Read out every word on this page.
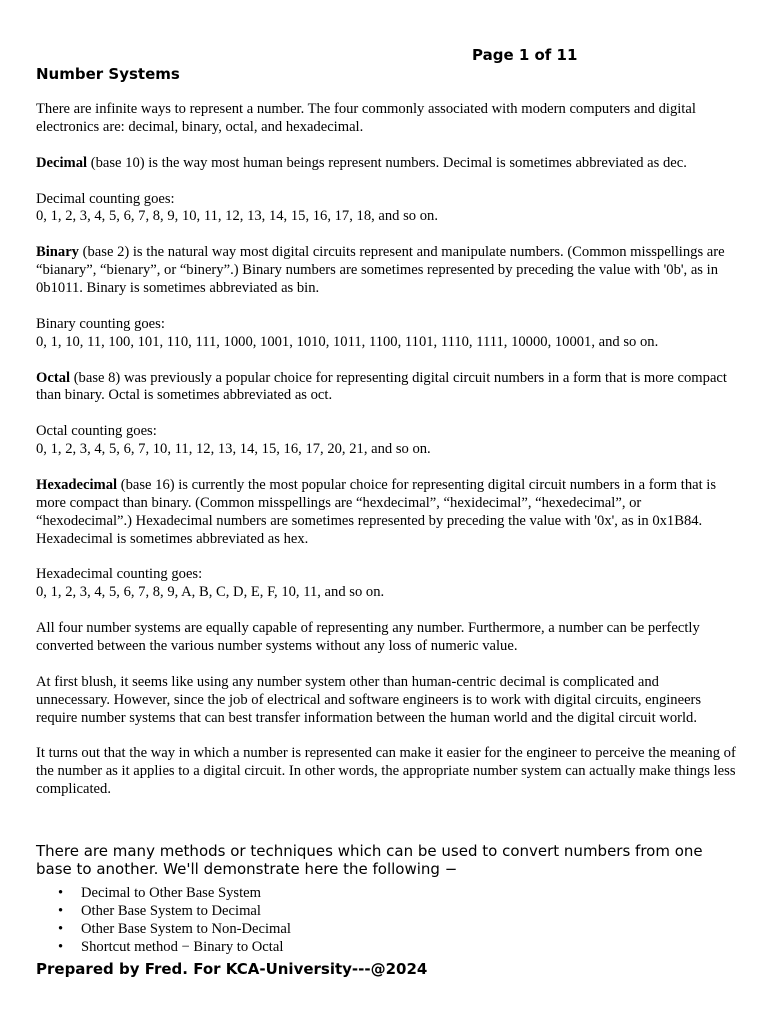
Page 1 of 11
Number Systems

There are infinite ways to represent a number. The four commonly associated with modern computers and digital electronics are: decimal, binary, octal, and hexadecimal.

Decimal (base 10) is the way most human beings represent numbers. Decimal is sometimes abbreviated as dec.

Decimal counting goes:
0, 1, 2, 3, 4, 5, 6, 7, 8, 9, 10, 11, 12, 13, 14, 15, 16, 17, 18, and so on.

Binary (base 2) is the natural way most digital circuits represent and manipulate numbers. (Common misspellings are “bianary”, “bienary”, or “binery”.) Binary numbers are sometimes represented by preceding the value with '0b', as in 0b1011. Binary is sometimes abbreviated as bin.

Binary counting goes:
0, 1, 10, 11, 100, 101, 110, 111, 1000, 1001, 1010, 1011, 1100, 1101, 1110, 1111, 10000, 10001, and so on.

Octal (base 8) was previously a popular choice for representing digital circuit numbers in a form that is more compact than binary. Octal is sometimes abbreviated as oct.

Octal counting goes:
0, 1, 2, 3, 4, 5, 6, 7, 10, 11, 12, 13, 14, 15, 16, 17, 20, 21, and so on.

Hexadecimal (base 16) is currently the most popular choice for representing digital circuit numbers in a form that is more compact than binary. (Common misspellings are “hexdecimal”, “hexidecimal”, “hexedecimal”, or “hexodecimal”.) Hexadecimal numbers are sometimes represented by preceding the value with '0x', as in 0x1B84. Hexadecimal is sometimes abbreviated as hex.

Hexadecimal counting goes:
0, 1, 2, 3, 4, 5, 6, 7, 8, 9, A, B, C, D, E, F, 10, 11, and so on.

All four number systems are equally capable of representing any number. Furthermore, a number can be perfectly converted between the various number systems without any loss of numeric value.

At first blush, it seems like using any number system other than human-centric decimal is complicated and unnecessary. However, since the job of electrical and software engineers is to work with digital circuits, engineers require number systems that can best transfer information between the human world and the digital circuit world.

It turns out that the way in which a number is represented can make it easier for the engineer to perceive the meaning of the number as it applies to a digital circuit. In other words, the appropriate number system can actually make things less complicated.

There are many methods or techniques which can be used to convert numbers from one base to another. We'll demonstrate here the following −

• Decimal to Other Base System
• Other Base System to Decimal
• Other Base System to Non-Decimal
• Shortcut method − Binary to Octal
Prepared by Fred. For KCA-University---@2024
